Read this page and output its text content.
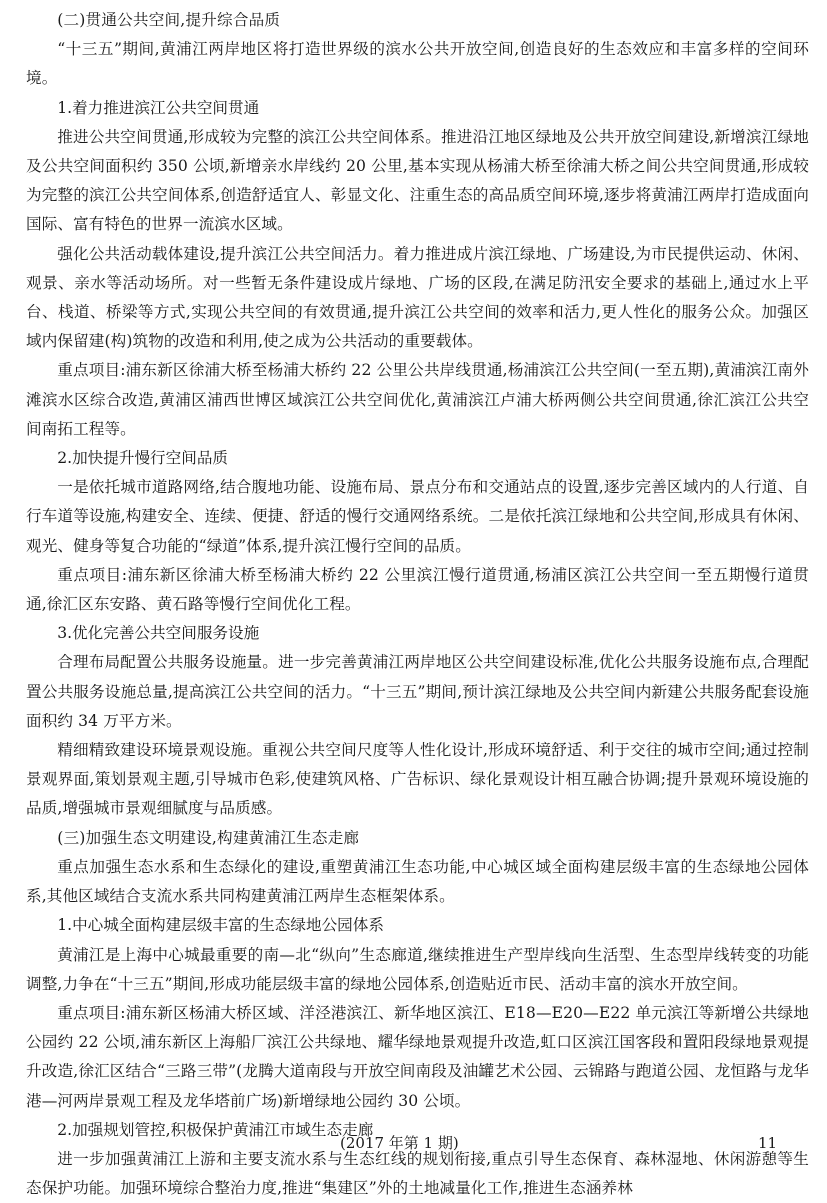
(二)贯通公共空间,提升综合品质

“十三五”期间,黄浦江两岸地区将打造世界级的滨水公共开放空间,创造良好的生态效应和丰富多样的空间环境。

1.着力推进滨江公共空间贯通

推进公共空间贯通,形成较为完整的滨江公共空间体系。推进沿江地区绿地及公共开放空间建设,新增滨江绿地及公共空间面积约 350 公顷,新增亲水岸线约 20 公里,基本实现从杨浦大桥至徐浦大桥之间公共空间贯通,形成较为完整的滨江公共空间体系,创造舒适宜人、彰显文化、注重生态的高品质空间环境,逐步将黄浦江两岸打造成面向国际、富有特色的世界一流滨水区域。

强化公共活动载体建设,提升滨江公共空间活力。着力推进成片滨江绿地、广场建设,为市民提供运动、休闲、观景、亲水等活动场所。对一些暂无条件建设成片绿地、广场的区段,在满足防汛安全要求的基础上,通过水上平台、栈道、桥梁等方式,实现公共空间的有效贯通,提升滨江公共空间的效率和活力,更人性化的服务公众。加强区域内保留建(构)筑物的改造和利用,使之成为公共活动的重要载体。

重点项目:浦东新区徐浦大桥至杨浦大桥约 22 公里公共岸线贯通,杨浦滨江公共空间(一至五期),黄浦滨江南外滩滨水区综合改造,黄浦区浦西世博区域滨江公共空间优化,黄浦滨江卢浦大桥两侧公共空间贯通,徐汇滨江公共空间南拓工程等。

2.加快提升慢行空间品质

一是依托城市道路网络,结合腹地功能、设施布局、景点分布和交通站点的设置,逐步完善区域内的人行道、自行车道等设施,构建安全、连续、便捷、舒适的慢行交通网络系统。二是依托滨江绿地和公共空间,形成具有休闲、观光、健身等复合功能的“绿道”体系,提升滨江慢行空间的品质。

重点项目:浦东新区徐浦大桥至杨浦大桥约 22 公里滨江慢行道贯通,杨浦区滨江公共空间一至五期慢行道贯通,徐汇区东安路、黄石路等慢行空间优化工程。

3.优化完善公共空间服务设施

合理布局配置公共服务设施量。进一步完善黄浦江两岸地区公共空间建设标准,优化公共服务设施布点,合理配置公共服务设施总量,提高滨江公共空间的活力。“十三五”期间,预计滨江绿地及公共空间内新建公共服务配套设施面积约 34 万平方米。

精细精致建设环境景观设施。重视公共空间尺度等人性化设计,形成环境舒适、利于交往的城市空间;通过控制景观界面,策划景观主题,引导城市色彩,使建筑风格、广告标识、绿化景观设计相互融合协调;提升景观环境设施的品质,增强城市景观细腻度与品质感。

(三)加强生态文明建设,构建黄浦江生态走廊

重点加强生态水系和生态绿化的建设,重塑黄浦江生态功能,中心城区域全面构建层级丰富的生态绿地公园体系,其他区域结合支流水系共同构建黄浦江两岸生态框架体系。

1.中心城全面构建层级丰富的生态绿地公园体系

黄浦江是上海中心城最重要的南—北“纵向”生态廊道,继续推进生产型岸线向生活型、生态型岸线转变的功能调整,力争在“十三五”期间,形成功能层级丰富的绿地公园体系,创造贴近市民、活动丰富的滨水开放空间。

重点项目:浦东新区杨浦大桥区域、洋泾港滨江、新华地区滨江、E18—E20—E22 单元滨江等新增公共绿地公园约 22 公顷,浦东新区上海船厂滨江公共绿地、耀华绿地景观提升改造,虹口区滨江国客段和置阳段绿地景观提升改造,徐汇区结合“三路三带”(龙腾大道南段与开放空间南段及油罐艺术公园、云锦路与跑道公园、龙恒路与龙华港—河两岸景观工程及龙华塔前广场)新增绿地公园约 30 公顷。

2.加强规划管控,积极保护黄浦江市域生态走廊

进一步加强黄浦江上游和主要支流水系与生态红线的规划衔接,重点引导生态保育、森林湿地、休闲游憩等生态保护功能。加强环境综合整治力度,推进“集建区”外的土地减量化工作,推进生态涵养林

(2017 年第 1 期)	11
